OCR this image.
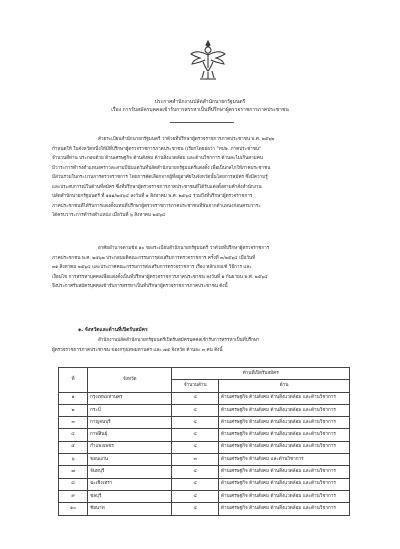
ประกาศสำนักงานปลัดสำนักนายกรัฐมนตรี
เรื่อง การรับสมัครบุคคลเข้ารับการสรรหาเป็นที่ปรึกษาผู้ตรวจราชการภาคประชาชน
ด้วยระเบียบสำนักนายกรัฐมนตรี ว่าด้วยที่ปรึกษาผู้ตรวจราชการภาคประชาชน พ.ศ. ๒๕๖๒
กำหนดให้ ในจังหวัดหนึ่งให้มีที่ปรึกษาผู้ตรวจราชการภาคประชาชน (เรียกโดยย่อว่า "ทปษ. ภาคประชาชน"
จำนวนสี่ท่าน ประกอบด้วย ด้านเศรษฐกิจ ด้านสังคม ด้านสิ่งแวดล้อม และด้านวิชาการ ด้านละไม่เกินสามคน
มีวาระการดำรงตำแหน่งคราวละสามปีนับแต่วันที่ปลัดสำนักนายกรัฐมนตรีแต่งตั้ง เพื่อเป็นกลไกให้ภาคประชาชน
มีส่วนร่วมในกระบวนการตรวจราชการ โดยการคัดเลือกจากผู้ที่อยู่อาศัยในจังหวัดนั้นโดยการสมัคร ซึ่งมีความรู้
และประสบการณ์ในด้านที่สมัคร ซึ่งที่ปรึกษาผู้ตรวจราชการภาคประชาชนที่ได้รับแต่งตั้งตามคำสั่งสำนักงาน
ปลัดสำนักนายกรัฐมนตรี ที่ ๑๑๑/๒๕๖๔ ลงวันที่ ๑ สิงหาคม พ.ศ. ๒๕๖๔ รวมถึงที่ปรึกษาผู้ตรวจราชการ
ภาคประชาชนที่ได้รับการแต่งตั้งแทนที่ปรึกษาผู้ตรวจราชการภาคประชาชนที่พ้นจากตำแหน่งก่อนครบวาระ
ได้ครบวาระการดำรงตำแหน่ง เมื่อวันที่ ๖ สิงหาคม ๒๕๖๔
อาศัยอำนาจตามข้อ ๑๐ ของระเบียบสำนักนายกรัฐมนตรี ว่าด้วยที่ปรึกษาผู้ตรวจราชการ
ภาคประชาชน พ.ศ. ๒๕๖๒ ประกอบมติคณะกรรมการส่งเสริมการตรวจราชการ ครั้งที่ ๓/๒๕๖๔ เมื่อวันที่
๓๑ สิงหาคม ๒๕๖๔ และประกาศคณะกรรมการส่งเสริมการตรวจราชการ เรื่อง หลักเกณฑ์ วิธีการ และ
เงื่อนไข การสรรหาบุคคลเพื่อแต่งตั้งเป็นที่ปรึกษาผู้ตรวจราชการภาคประชาชน ลงวันที่ ๑ กันยายน พ.ศ. ๒๕๖๔
จึงประกาศรับสมัครบุคคลเข้ารับการสรรหาเป็นที่ปรึกษาผู้ตรวจราชการภาคประชาชน ดังนี้
๑. จังหวัดและด้านที่เปิดรับสมัคร
สำนักงานปลัดสำนักนายกรัฐมนตรีเปิดรับสมัครบุคคลเข้ารับการสรรหาเป็นที่ปรึกษา
ผู้ตรวจราชการภาคประชาชน ของกรุงเทพมหานคร และ ๗๕ จังหวัด ด้านละ ๓ คน ดังนี้
ที่	จังหวัด	ด้านที่เปิดรับสมัคร	
		จำนวนด้าน	ด้าน
๑	กรุงเทพมหานคร	๔	ด้านเศรษฐกิจ ด้านสังคม ด้านสิ่งแวดล้อม และด้านวิชาการ
๒	กระบี่	๔	ด้านเศรษฐกิจ ด้านสังคม ด้านสิ่งแวดล้อม และด้านวิชาการ
๓	กาญจนบุรี	๔	ด้านเศรษฐกิจ ด้านสังคม ด้านสิ่งแวดล้อม และด้านวิชาการ
๔	กาฬสินธุ์	๔	ด้านเศรษฐกิจ ด้านสังคม ด้านสิ่งแวดล้อม และด้านวิชาการ
๕	กำแพงเพชร	๔	ด้านเศรษฐกิจ ด้านสังคม ด้านสิ่งแวดล้อม และด้านวิชาการ
๖	ขอนแก่น	๓	ด้านเศรษฐกิจ ด้านสังคม และด้านวิชาการ
๗	จันทบุรี	๔	ด้านเศรษฐกิจ ด้านสังคม ด้านสิ่งแวดล้อม และด้านวิชาการ
๘	ฉะเชิงเทรา	๔	ด้านเศรษฐกิจ ด้านสังคม ด้านสิ่งแวดล้อม และด้านวิชาการ
๙	ชลบุรี	๔	ด้านเศรษฐกิจ ด้านสังคม ด้านสิ่งแวดล้อม และด้านวิชาการ
๑๐	ชัยนาท	๔	ด้านเศรษฐกิจ ด้านสังคม ด้านสิ่งแวดล้อม และด้านวิชาการ
